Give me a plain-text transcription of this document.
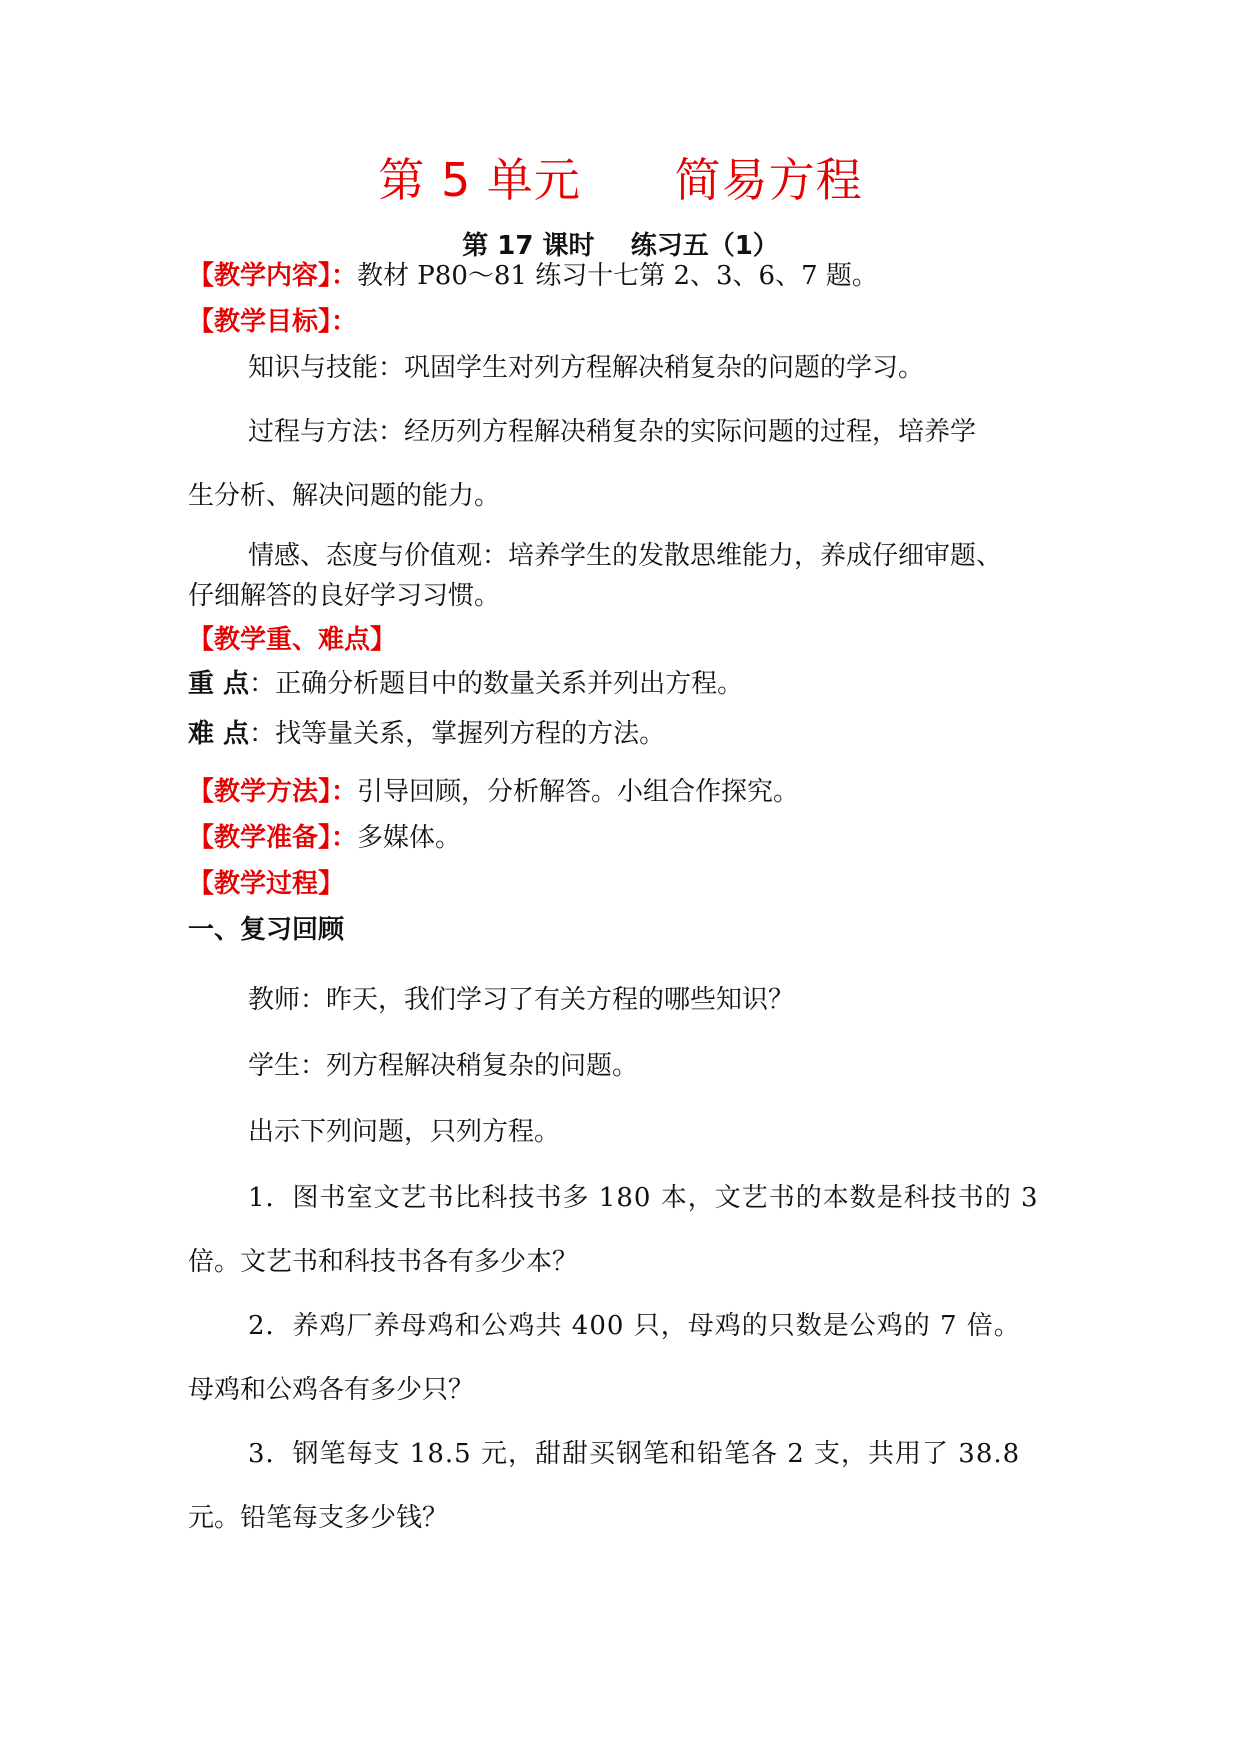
第 5 单元      简易方程
第 17 课时    练习五（1）
【教学内容】：教材 P80～81 练习十七第 2、3、6、7 题。
【教学目标】：
知识与技能：巩固学生对列方程解决稍复杂的问题的学习。
过程与方法：经历列方程解决稍复杂的实际问题的过程，培养学
生分析、解决问题的能力。
情感、态度与价值观：培养学生的发散思维能力，养成仔细审题、
仔细解答的良好学习习惯。
【教学重、难点】
重 点：正确分析题目中的数量关系并列出方程。
难 点：找等量关系，掌握列方程的方法。
【教学方法】：引导回顾，分析解答。小组合作探究。
【教学准备】：多媒体。
【教学过程】
一、复习回顾
教师：昨天，我们学习了有关方程的哪些知识？
学生：列方程解决稍复杂的问题。
出示下列问题，只列方程。
1．图书室文艺书比科技书多 180 本，文艺书的本数是科技书的 3
倍。文艺书和科技书各有多少本？
2．养鸡厂养母鸡和公鸡共 400 只，母鸡的只数是公鸡的 7 倍。
母鸡和公鸡各有多少只？
3．钢笔每支 18.5 元，甜甜买钢笔和铅笔各 2 支，共用了 38.8
元。铅笔每支多少钱？
